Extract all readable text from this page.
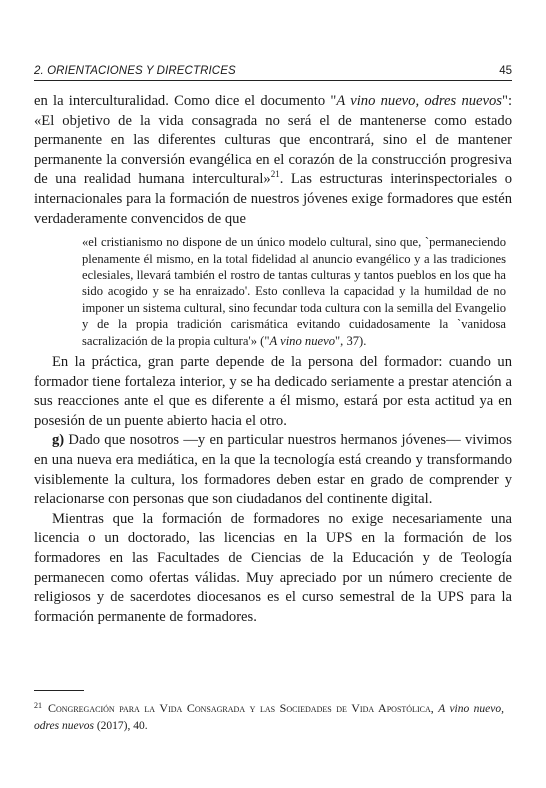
2. ORIENTACIONES Y DIRECTRICES	45

en la interculturalidad. Como dice el documento "A vino nuevo, odres nuevos": «El objetivo de la vida consagrada no será el de mantenerse como estado permanente en las diferentes culturas que encontrará, sino el de mantener permanente la conversión evangélica en el corazón de la construcción progresiva de una realidad humana intercultural»$^{21}$. Las estructuras interinspectoriales o internacionales para la formación de nuestros jóvenes exige formadores que estén verdaderamente convencidos de que

«el cristianismo no dispone de un único modelo cultural, sino que, `permaneciendo plenamente él mismo, en la total fidelidad al anuncio evangélico y a las tradiciones eclesiales, llevará también el rostro de tantas culturas y tantos pueblos en los que ha sido acogido y se ha enraizado'. Esto conlleva la capacidad y la humildad de no imponer un sistema cultural, sino fecundar toda cultura con la semilla del Evangelio y de la propia tradición carismática evitando cuidadosamente la `vanidosa sacralización de la propia cultura'» ("A vino nuevo", 37).

En la práctica, gran parte depende de la persona del formador: cuando un formador tiene fortaleza interior, y se ha dedicado seriamente a prestar atención a sus reacciones ante el que es diferente a él mismo, estará por esta actitud ya en posesión de un puente abierto hacia el otro.

g) Dado que nosotros —y en particular nuestros hermanos jóvenes— vivimos en una nueva era mediática, en la que la tecnología está creando y transformando visiblemente la cultura, los formadores deben estar en grado de comprender y relacionarse con personas que son ciudadanos del continente digital.

Mientras que la formación de formadores no exige necesariamente una licencia o un doctorado, las licencias en la UPS en la formación de los formadores en las Facultades de Ciencias de la Educación y de Teología permanecen como ofertas válidas. Muy apreciado por un número creciente de religiosos y de sacerdotes diocesanos es el curso semestral de la UPS para la formación permanente de formadores.

$^{21}$ Congregación para la Vida Consagrada y las Sociedades de Vida Apostólica, A vino nuevo, odres nuevos (2017), 40.
